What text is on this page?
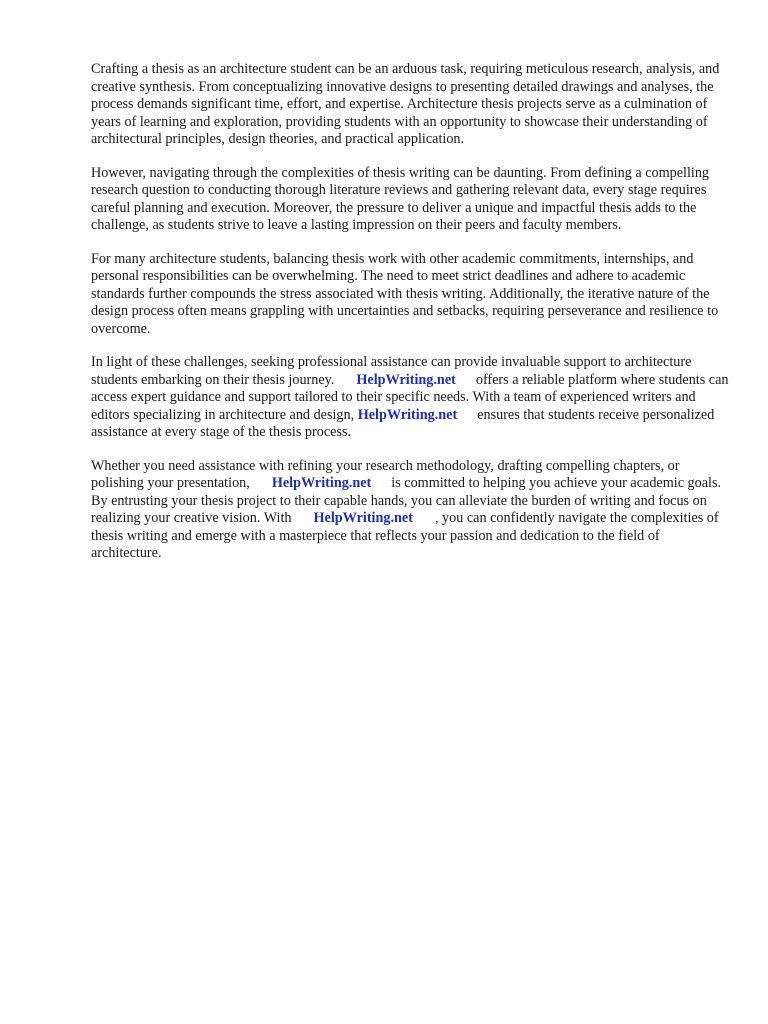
Crafting a thesis as an architecture student can be an arduous task, requiring meticulous research, analysis, and creative synthesis. From conceptualizing innovative designs to presenting detailed drawings and analyses, the process demands significant time, effort, and expertise. Architecture thesis projects serve as a culmination of years of learning and exploration, providing students with an opportunity to showcase their understanding of architectural principles, design theories, and practical application.

However, navigating through the complexities of thesis writing can be daunting. From defining a compelling research question to conducting thorough literature reviews and gathering relevant data, every stage requires careful planning and execution. Moreover, the pressure to deliver a unique and impactful thesis adds to the challenge, as students strive to leave a lasting impression on their peers and faculty members.

For many architecture students, balancing thesis work with other academic commitments, internships, and personal responsibilities can be overwhelming. The need to meet strict deadlines and adhere to academic standards further compounds the stress associated with thesis writing. Additionally, the iterative nature of the design process often means grappling with uncertainties and setbacks, requiring perseverance and resilience to overcome.

In light of these challenges, seeking professional assistance can provide invaluable support to architecture students embarking on their thesis journey. HelpWriting.net offers a reliable platform where students can access expert guidance and support tailored to their specific needs. With a team of experienced writers and editors specializing in architecture and design, HelpWriting.net ensures that students receive personalized assistance at every stage of the thesis process.

Whether you need assistance with refining your research methodology, drafting compelling chapters, or polishing your presentation, HelpWriting.net is committed to helping you achieve your academic goals. By entrusting your thesis project to their capable hands, you can alleviate the burden of writing and focus on realizing your creative vision. With HelpWriting.net , you can confidently navigate the complexities of thesis writing and emerge with a masterpiece that reflects your passion and dedication to the field of architecture.
